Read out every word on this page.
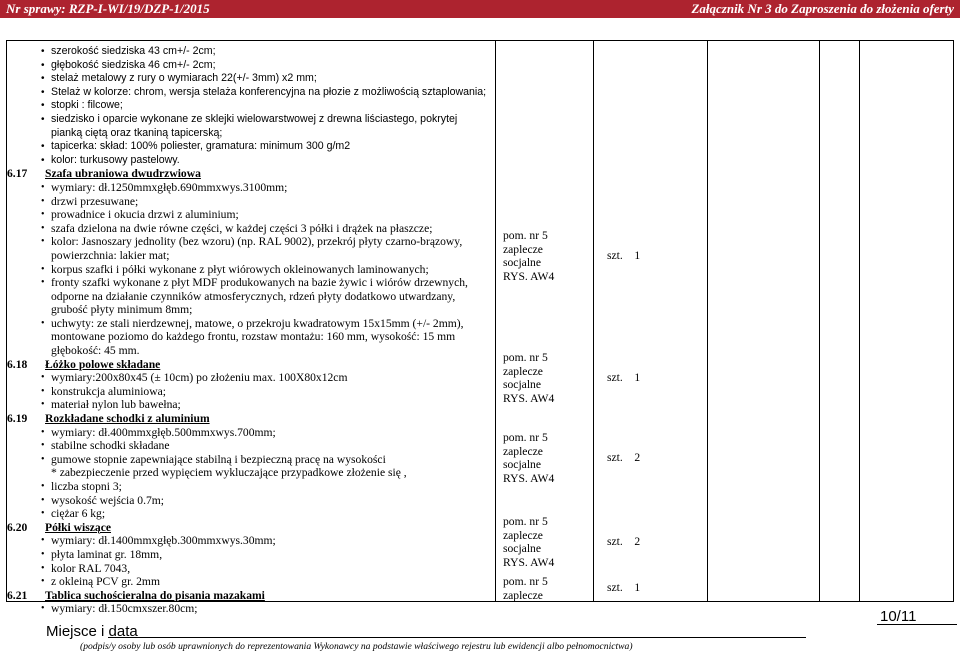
Nr sprawy: RZP-I-WI/19/DZP-1/2015	Załącznik Nr 3 do Zaproszenia do złożenia oferty
• szerokość siedziska 43 cm+/- 2cm;
• głębokość siedziska 46 cm+/- 2cm;
• stelaż metalowy z rury o wymiarach 22(+/- 3mm) x2 mm;
• Stelaż w kolorze: chrom, wersja stelaża konferencyjna na płozie z możliwością sztaplowania;
• stopki : filcowe;
• siedzisko i oparcie wykonane ze sklejki wielowarstwowej z drewna liściastego, pokrytej
pianką ciętą oraz tkaniną tapicerską;
• tapicerka: skład: 100% poliester, gramatura: minimum 300 g/m2
• kolor: turkusowy pastelowy.
6.17 Szafa ubraniowa dwudrzwiowa
• wymiary: dł.1250mmxgłęb.690mmxwys.3100mm;
• drzwi przesuwane;
• prowadnice i okucia drzwi z aluminium;
• szafa dzielona na dwie równe części, w każdej części 3 półki i drążek na płaszcze;
• kolor: Jasnoszary jednolity (bez wzoru) (np. RAL 9002), przekrój płyty czarno-brązowy,
powierzchnia: lakier mat;
• korpus szafki i półki wykonane z płyt wiórowych okleinowanych laminowanych;
• fronty szafki wykonane z płyt MDF produkowanych na bazie żywic i wiórów drzewnych,
odporne na działanie czynników atmosferycznych, rdzeń płyty dodatkowo utwardzany,
grubość płyty minimum 8mm;
• uchwyty: ze stali nierdzewnej, matowe, o przekroju kwadratowym 15x15mm (+/- 2mm),
montowane poziomo do każdego frontu, rozstaw montażu: 160 mm, wysokość: 15 mm
głębokość: 45 mm.
6.18 Łóżko polowe składane
• wymiary:200x80x45 (± 10cm) po złożeniu max. 100X80x12cm
• konstrukcja aluminiowa;
• materiał nylon lub bawełna;
6.19 Rozkładane schodki z aluminium
• wymiary: dł.400mmxgłęb.500mmxwys.700mm;
• stabilne schodki składane
• gumowe stopnie zapewniające stabilną i bezpieczną pracę na wysokości
* zabezpieczenie przed wypięciem wykluczające przypadkowe złożenie się ,
• liczba stopni 3;
• wysokość wejścia 0.7m;
• ciężar 6 kg;
6.20 Półki wiszące
• wymiary: dł.1400mmxgłęb.300mmxwys.30mm;
• płyta laminat gr. 18mm,
• kolor RAL 7043,
• z okleiną PCV gr. 2mm
6.21 Tablica suchościeralna do pisania mazakami
• wymiary: dł.150cmxszer.80cm;
pom. nr 5
zaplecze
socjalne
RYS. AW4
pom. nr 5
zaplecze
socjalne
RYS. AW4
pom. nr 5
zaplecze
socjalne
RYS. AW4
pom. nr 5
zaplecze
socjalne
RYS. AW4
pom. nr 5
zaplecze
szt.    1
szt.    1
szt.    2
szt.    2
szt.    1
10/11
Miejsce i data
(podpis/y osoby lub osób uprawnionych do reprezentowania Wykonawcy na podstawie właściwego rejestru lub ewidencji albo pełnomocnictwa)
